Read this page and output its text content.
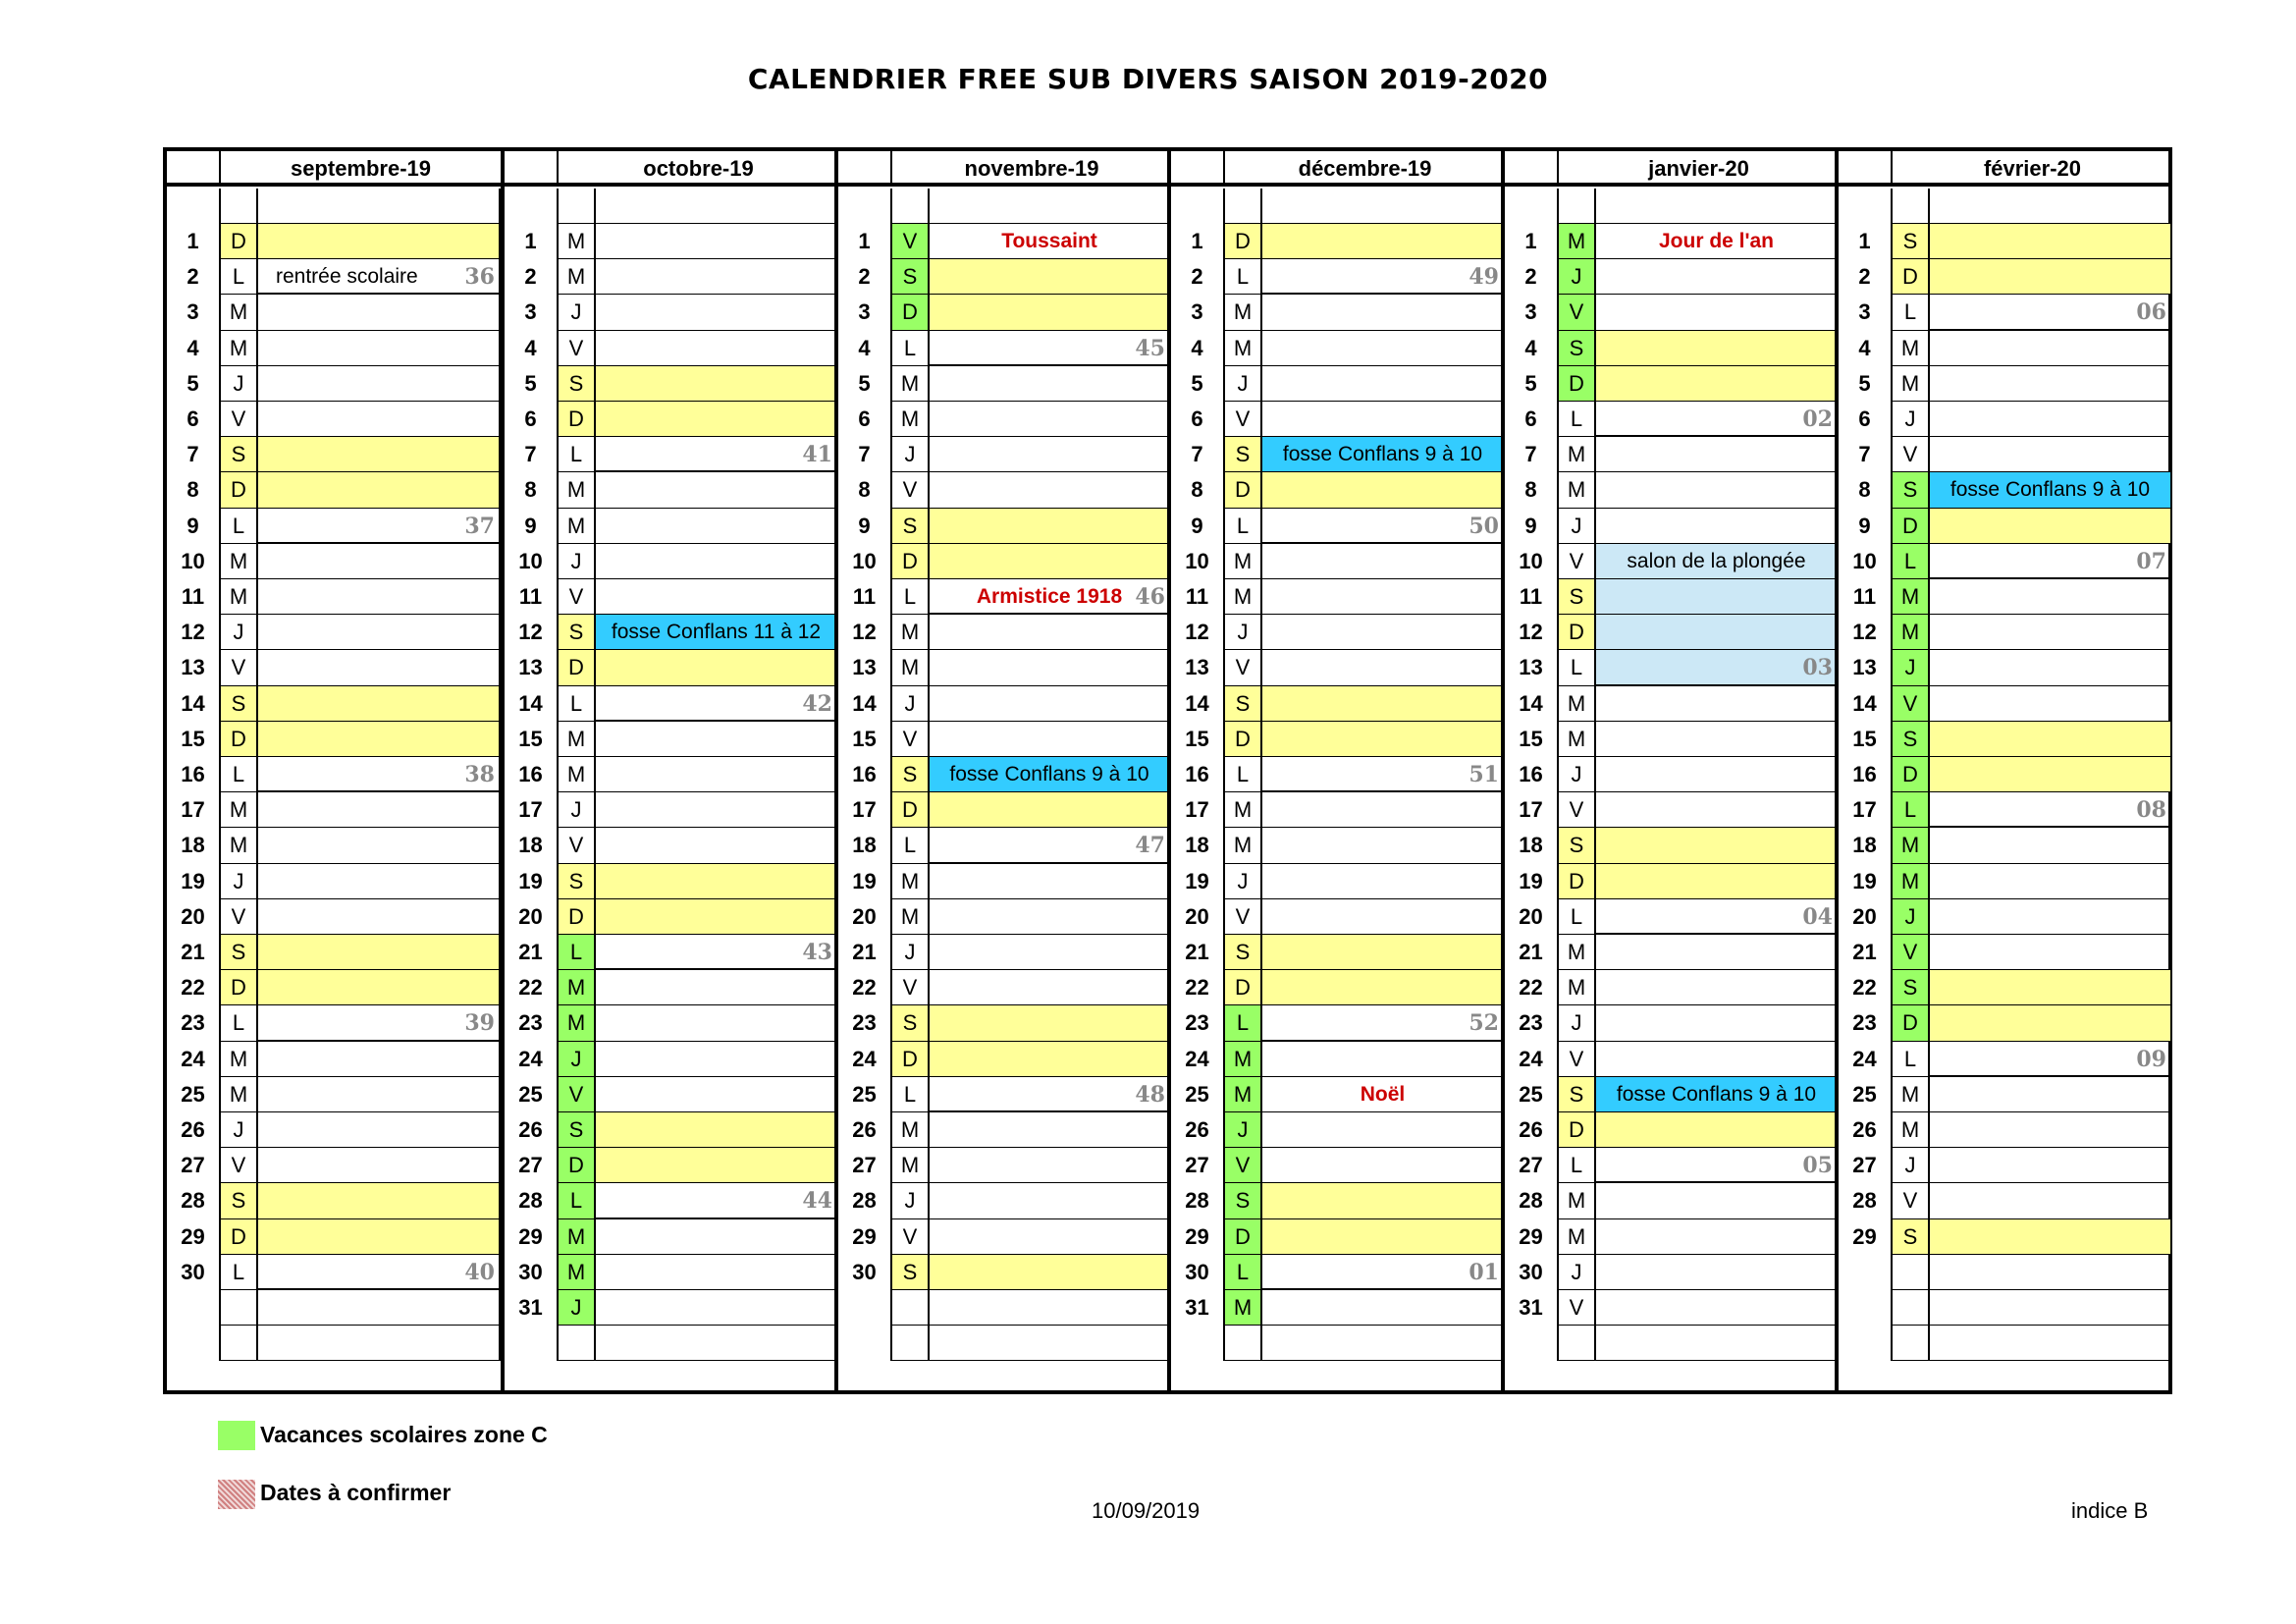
CALENDRIER FREE SUB DIVERS SAISON 2019-2020
septembre-19
1	D
2	L	rentrée scolaire 36
3	M
4	M
5	J
6	V
7	S
8	D
9	L	37
10	M
11	M
12	J
13	V
14	S
15	D
16	L	38
17	M
18	M
19	J
20	V
21	S
22	D
23	L	39
24	M
25	M
26	J
27	V
28	S
29	D
30	L	40
octobre-19
1	M
2	M
3	J
4	V
5	S
6	D
7	L	41
8	M
9	M
10	J
11	V
12	S	fosse Conflans 11 à 12
13	D
14	L	42
15	M
16	M
17	J
18	V
19	S
20	D
21	L	43
22	M
23	M
24	J
25	V
26	S
27	D
28	L	44
29	M
30	M
31	J
novembre-19
1	V	Toussaint
2	S
3	D
4	L	45
5	M
6	M
7	J
8	V
9	S
10	D
11	L	Armistice 1918 46
12	M
13	M
14	J
15	V
16	S	fosse Conflans 9 à 10
17	D
18	L	47
19	M
20	M
21	J
22	V
23	S
24	D
25	L	48
26	M
27	M
28	J
29	V
30	S
décembre-19
1	D
2	L	49
3	M
4	M
5	J
6	V
7	S	fosse Conflans 9 à 10
8	D
9	L	50
10	M
11	M
12	J
13	V
14	S
15	D
16	L	51
17	M
18	M
19	J
20	V
21	S
22	D
23	L	52
24	M
25	M	Noël
26	J
27	V
28	S
29	D
30	L	01
31	M
janvier-20
1	M	Jour de l'an
2	J
3	V
4	S
5	D
6	L	02
7	M
8	M
9	J
10	V	salon de la plongée
11	S
12	D
13	L	03
14	M
15	M
16	J
17	V
18	S
19	D
20	L	04
21	M
22	M
23	J
24	V
25	S	fosse Conflans 9 à 10
26	D
27	L	05
28	M
29	M
30	J
31	V
février-20
1	S
2	D
3	L	06
4	M
5	M
6	J
7	V
8	S	fosse Conflans 9 à 10
9	D
10	L	07
11	M
12	M
13	J
14	V
15	S
16	D
17	L	08
18	M
19	M
20	J
21	V
22	S
23	D
24	L	09
25	M
26	M
27	J
28	V
29	S
Vacances scolaires zone C
Dates à confirmer
10/09/2019	indice B
